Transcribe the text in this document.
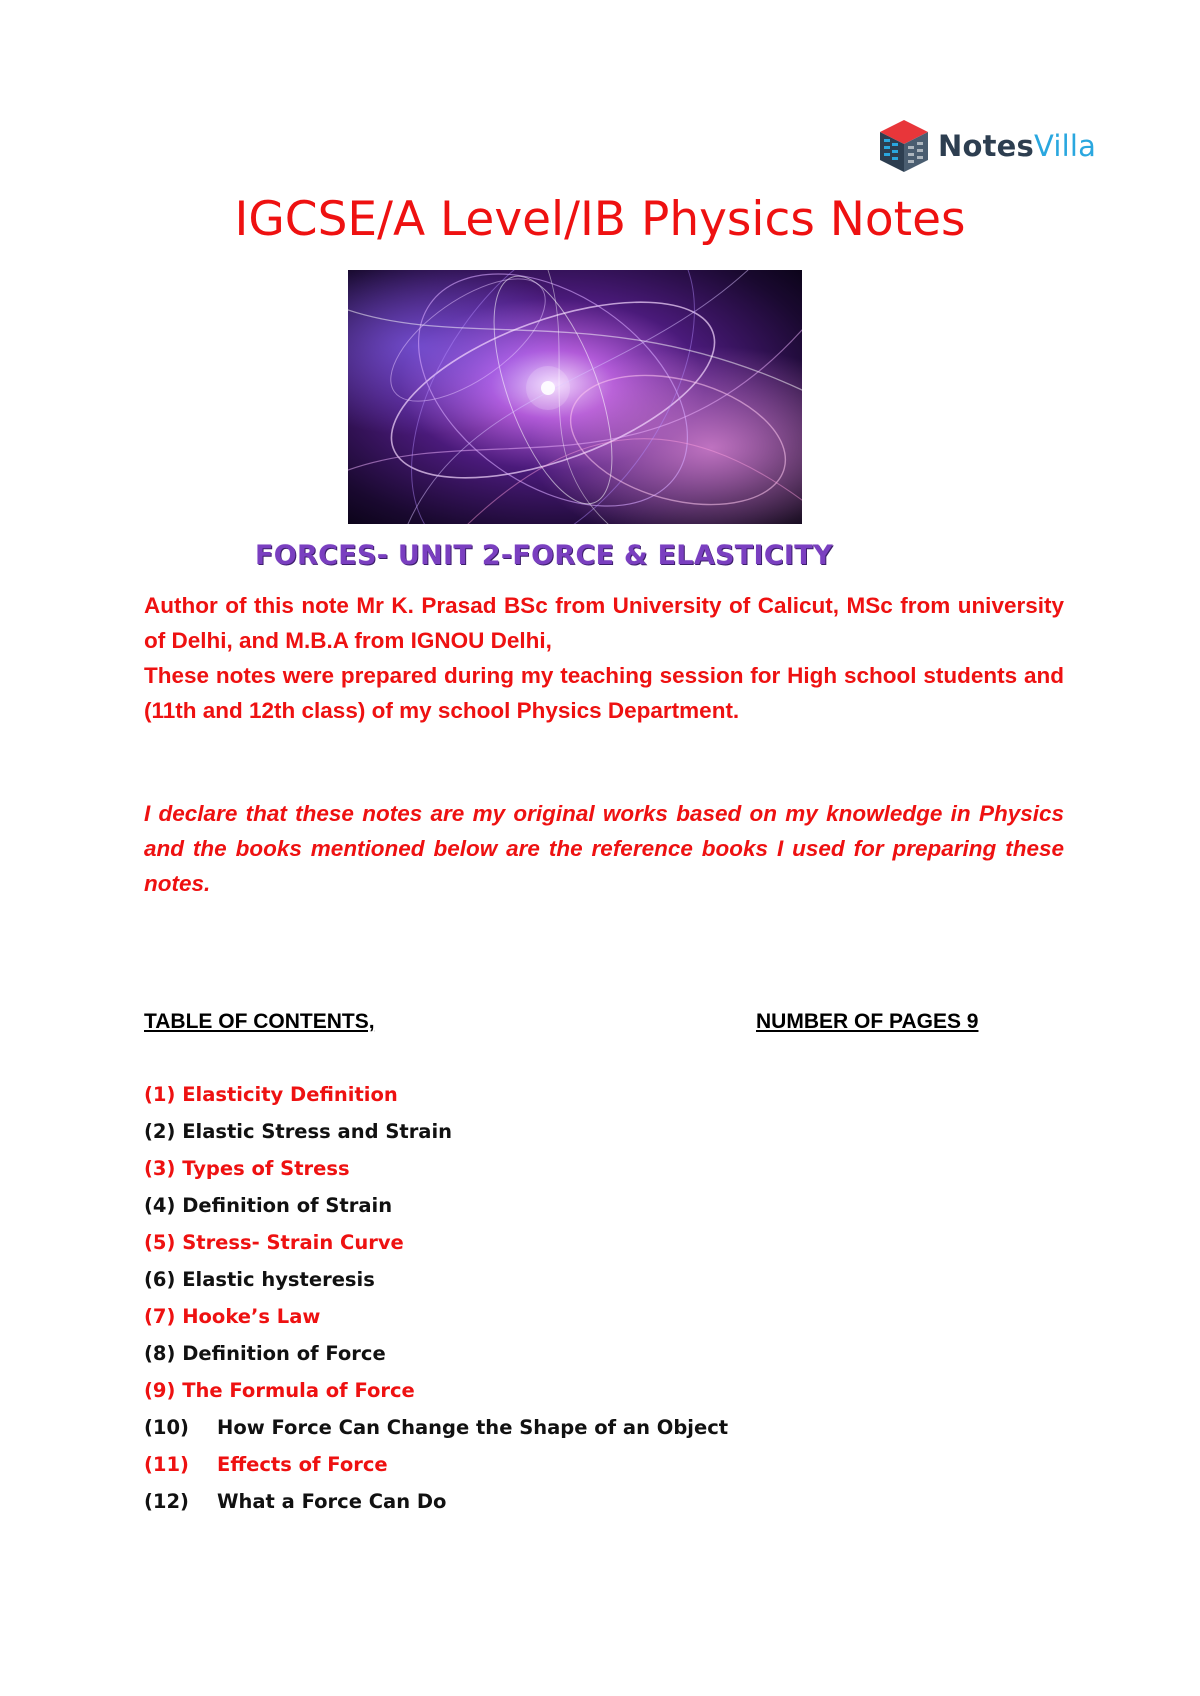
NotesVilla
IGCSE/A Level/IB Physics Notes
FORCES- UNIT 2-FORCE & ELASTICITY
Author of this note Mr K. Prasad BSc from University of Calicut, MSc from university of Delhi, and M.B.A from IGNOU Delhi,
These notes were prepared during my teaching session for High school students and (11th and 12th class) of my school Physics Department.

I declare that these notes are my original works based on my knowledge in Physics and the books mentioned below are the reference books I used for preparing these notes.

TABLE OF CONTENTS,	NUMBER OF PAGES 9

(1) Elasticity Definition
(2) Elastic Stress and Strain
(3) Types of Stress
(4) Definition of Strain
(5) Stress- Strain Curve
(6) Elastic hysteresis
(7) Hooke’s Law
(8) Definition of Force
(9) The Formula of Force
(10) How Force Can Change the Shape of an Object
(11) Effects of Force
(12) What a Force Can Do
